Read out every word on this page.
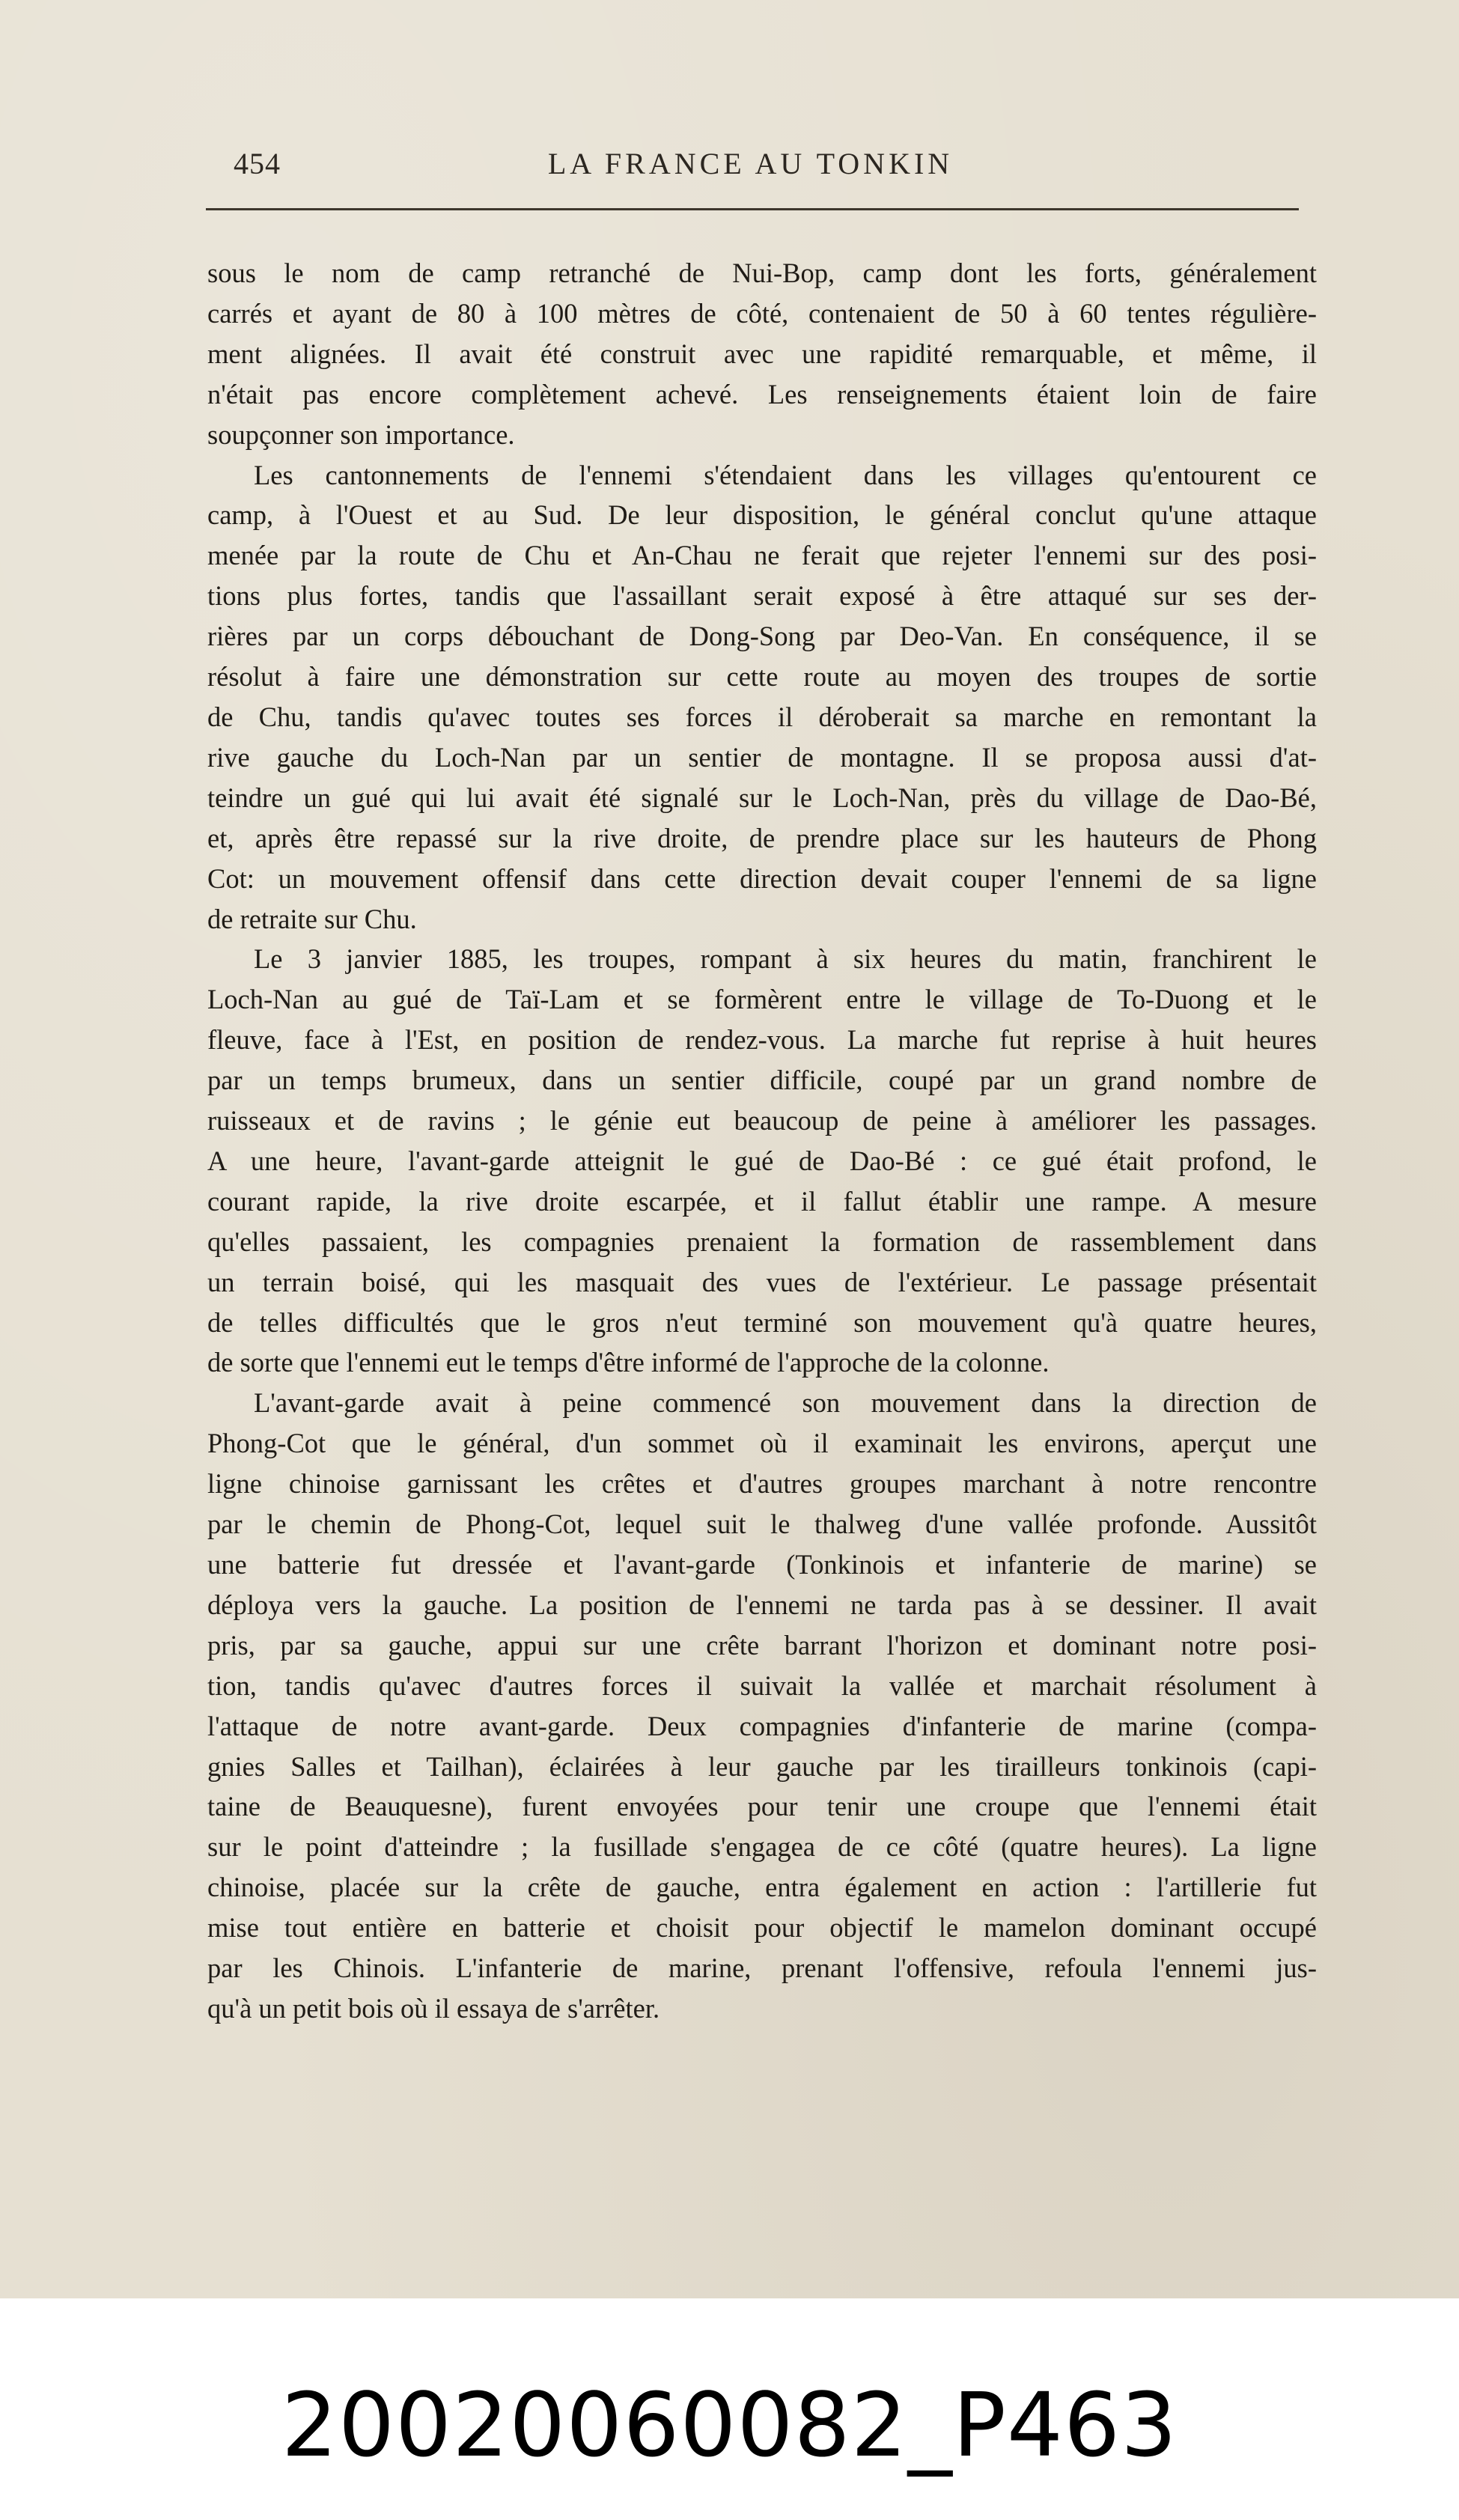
454	LA FRANCE AU TONKIN
sous le nom de camp retranché de Nui-Bop, camp dont les forts, généralement
carrés et ayant de 80 à 100 mètres de côté, contenaient de 50 à 60 tentes régulière-
ment alignées. Il avait été construit avec une rapidité remarquable, et même, il
n'était pas encore complètement achevé. Les renseignements étaient loin de faire
soupçonner son importance.
Les cantonnements de l'ennemi s'étendaient dans les villages qu'entourent ce
camp, à l'Ouest et au Sud. De leur disposition, le général conclut qu'une attaque
menée par la route de Chu et An-Chau ne ferait que rejeter l'ennemi sur des posi-
tions plus fortes, tandis que l'assaillant serait exposé à être attaqué sur ses der-
rières par un corps débouchant de Dong-Song par Deo-Van. En conséquence, il se
résolut à faire une démonstration sur cette route au moyen des troupes de sortie
de Chu, tandis qu'avec toutes ses forces il déroberait sa marche en remontant la
rive gauche du Loch-Nan par un sentier de montagne. Il se proposa aussi d'at-
teindre un gué qui lui avait été signalé sur le Loch-Nan, près du village de Dao-Bé,
et, après être repassé sur la rive droite, de prendre place sur les hauteurs de Phong
Cot: un mouvement offensif dans cette direction devait couper l'ennemi de sa ligne
de retraite sur Chu.
Le 3 janvier 1885, les troupes, rompant à six heures du matin, franchirent le
Loch-Nan au gué de Taï-Lam et se formèrent entre le village de To-Duong et le
fleuve, face à l'Est, en position de rendez-vous. La marche fut reprise à huit heures
par un temps brumeux, dans un sentier difficile, coupé par un grand nombre de
ruisseaux et de ravins ; le génie eut beaucoup de peine à améliorer les passages.
A une heure, l'avant-garde atteignit le gué de Dao-Bé : ce gué était profond, le
courant rapide, la rive droite escarpée, et il fallut établir une rampe. A mesure
qu'elles passaient, les compagnies prenaient la formation de rassemblement dans
un terrain boisé, qui les masquait des vues de l'extérieur. Le passage présentait
de telles difficultés que le gros n'eut terminé son mouvement qu'à quatre heures,
de sorte que l'ennemi eut le temps d'être informé de l'approche de la colonne.
L'avant-garde avait à peine commencé son mouvement dans la direction de
Phong-Cot que le général, d'un sommet où il examinait les environs, aperçut une
ligne chinoise garnissant les crêtes et d'autres groupes marchant à notre rencontre
par le chemin de Phong-Cot, lequel suit le thalweg d'une vallée profonde. Aussitôt
une batterie fut dressée et l'avant-garde (Tonkinois et infanterie de marine) se
déploya vers la gauche. La position de l'ennemi ne tarda pas à se dessiner. Il avait
pris, par sa gauche, appui sur une crête barrant l'horizon et dominant notre posi-
tion, tandis qu'avec d'autres forces il suivait la vallée et marchait résolument à
l'attaque de notre avant-garde. Deux compagnies d'infanterie de marine (compa-
gnies Salles et Tailhan), éclairées à leur gauche par les tirailleurs tonkinois (capi-
taine de Beauquesne), furent envoyées pour tenir une croupe que l'ennemi était
sur le point d'atteindre ; la fusillade s'engagea de ce côté (quatre heures). La ligne
chinoise, placée sur la crête de gauche, entra également en action : l'artillerie fut
mise tout entière en batterie et choisit pour objectif le mamelon dominant occupé
par les Chinois. L'infanterie de marine, prenant l'offensive, refoula l'ennemi jus-
qu'à un petit bois où il essaya de s'arrêter.
20020060082_P463
